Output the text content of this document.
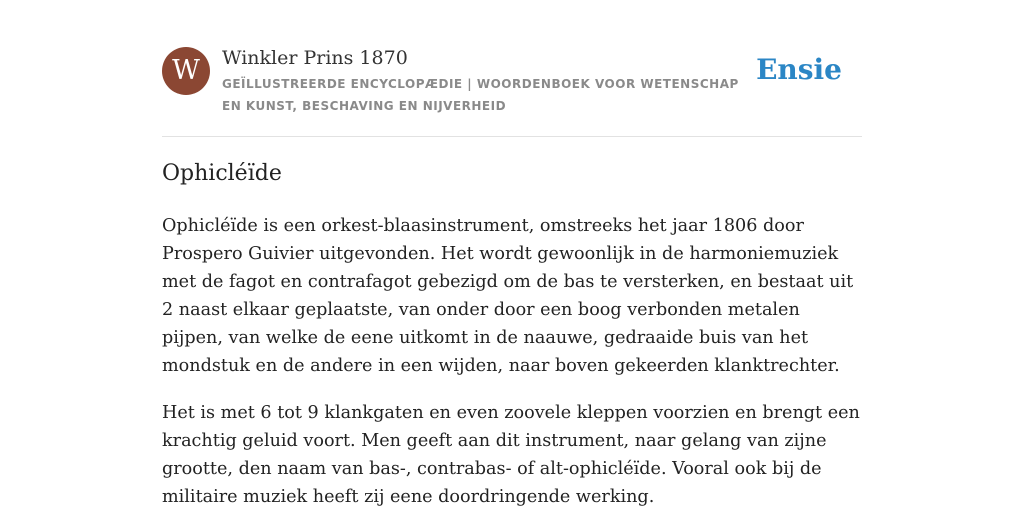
W	Winkler Prins 1870
GEÏLLUSTREERDE ENCYCLOPÆDIE | WOORDENBOEK VOOR WETENSCHAP EN KUNST, BESCHAVING EN NIJVERHEID
Ensie
Ophicléïde

Ophicléïde is een orkest-blaasinstrument, omstreeks het jaar 1806 door Prospero Guivier uitgevonden. Het wordt gewoonlijk in de harmoniemuziek met de fagot en contrafagot gebezigd om de bas te versterken, en bestaat uit 2 naast elkaar geplaatste, van onder door een boog verbonden metalen pijpen, van welke de eene uitkomt in de naauwe, gedraaide buis van het mondstuk en de andere in een wijden, naar boven gekeerden klanktrechter.

Het is met 6 tot 9 klankgaten en even zoovele kleppen voorzien en brengt een krachtig geluid voort. Men geeft aan dit instrument, naar gelang van zijne grootte, den naam van bas-, contrabas- of alt-ophicléïde. Vooral ook bij de militaire muziek heeft zij eene doordringende werking.
